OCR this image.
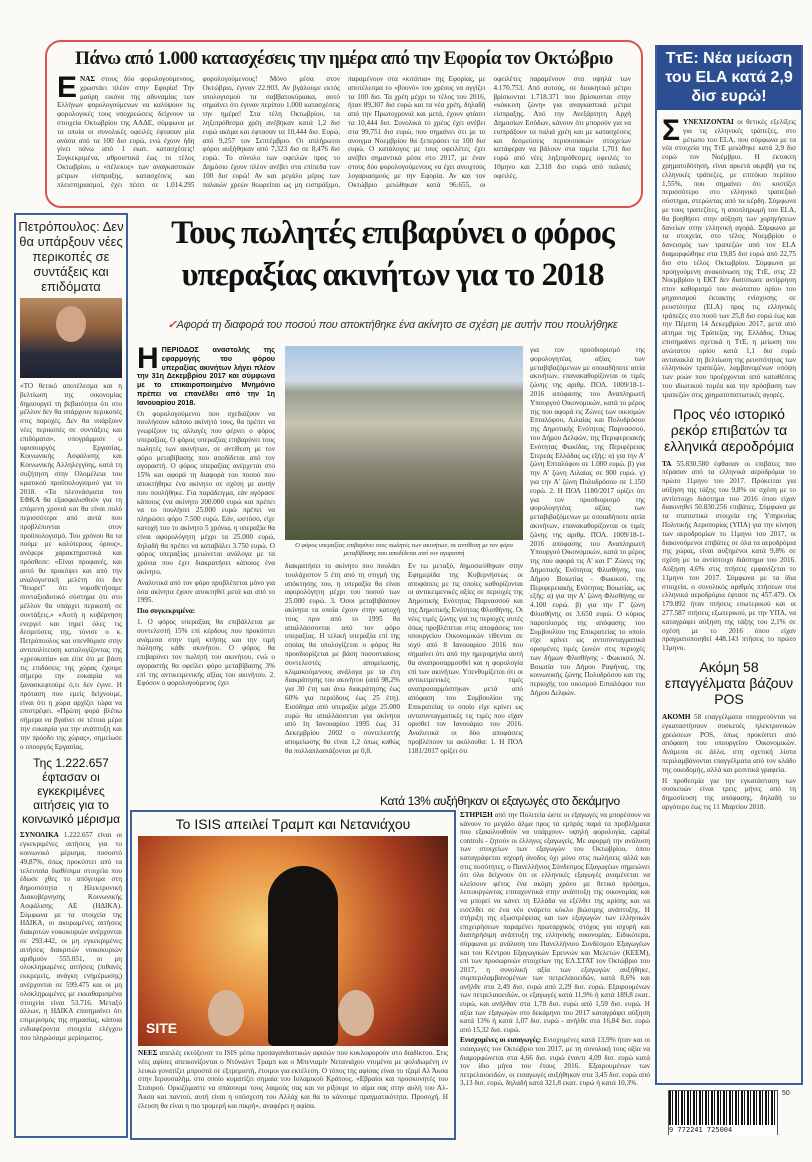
Πάνω από 1.000 κατασχέσεις την ημέρα από την Εφορία τον Οκτώβριο
ΕΝΑΣ στους δύο φορολογούμενους, χρωστάει πλέον στην Εφορία! Την μαύρη εικόνα της αδυναμίας των Ελλήνων φορολογούμενων να καλύψουν τις φορολογικές τους υποχρεώσεις δείχνουν τα στοιχεία Οκτωβρίου της ΑΑΔΕ, σύμφωνα με τα οποία οι συνολικές οφειλές έφτασαν μία ανάσα από τα 100 δισ ευρώ, ενώ έχουν ήδη γίνει πάνω από 1 εκατ. κατασχέσεις! Συγκεκριμένα, αθροιστικά έως το τέλος Οκτωβρίου, ο «πέλεκυς» των αναγκαστικών μέτρων είσπραξης, κατασχέσεις και πλειστηριασμοί, έχει πέσει σε 1.014.295 φορολογούμενους! Μόνο μέσα στον Οκτώβριο, έγιναν 22.903. Αν βγάλουμε εκτός υπολογισμού τα σαββατοκύριακα, αυτό σημαίνει ότι έγιναν περίπου 1.000 κατασχέσεις την ημέρα! Στα τέλη Οκτωβρίου, τα ληξιπρόθεσμα χρέη ανέβηκαν κατά 1,2 δισ ευρώ ακόμα και έφτασαν τα 10,444 δισ. Ευρώ, από 9,257 τον Σεπτέμβριο. Οι απλήρωτοι φόροι αυξήθηκαν από 7,323 δισ σε 8,476 δισ ευρώ. Το σύνολο των οφειλών προς το Δημόσιο έχουν πλέον ανέβει στα επίπεδα των 100 δισ ευρώ! Αν και μεγάλο μέρος των παλαιών χρεών θεωρείται ως μη εισπράξιμο, παραμένουν στα «κιτάπια» της Εφορίας, με αποτέλεσμα το «βουνό» του χρέους να αγγίζει τα 100 δισ. Τα χρέη μέχρι το τέλος του 2016, ήταν 89,307 δισ ευρώ και τα νέα χρέη, δηλαδή από την Πρωτοχρονιά και μετά, έχουν φτάσει τα 10,444 δισ. Συνολικά το χρέος έχει ανέβει στα 99,751 δισ ευρώ, που σημαίνει ότι με το ανοιγμα Νοεμβρίου θα ξεπεράσει τα 100 δισ ευρώ. Ο κατάλογος με τους οφειλέτες έχει ανέβει σημαντικά μέσα στο 2017, με έναν στους δύο φορολογούμενους να έχει ανοιχτούς λογαριασμούς με την Εφορία. Αν και τον Οκτώβριο μειώθηκαν κατά 96.655, οι οφειλέτες παραμένουν στα υψηλά των 4.170.753. Από αυτούς, σε διοικητικό μέτρο βρίσκονται 1.718.371 που βρίσκονται στην «κόκκινη ζώνη» για αναγκαστικά μέτρα είσπραξης. Από την Ανεξάρτητη Αρχή Δημοσίων Εσόδων, κάνουν ότι μπορούν για να εισπράξουν τα παλιά χρέη και με κατασχέσεις και δεσμεύσεις περιουσιακών στοιχείων κατάφεραν να βάλουν στα ταμεία 1,701 δισ ευρώ από νέες ληξιπρόθεσμες οφειλές το 10μηνο και 2,318 δισ ευρώ από παλαιές οφειλές.
Πετρόπουλος: Δεν θα υπάρξουν νέες περικοπές σε συντάξεις και επιδόματα
«ΤΟ θετικό αποτέλεσμα και η βελτίωση της οικονομίας δημιουργεί τη βεβαιότητα ότι στο μέλλον δεν θα υπάρχουν περικοπές στις παροχές. Δεν θα υπάρξουν νέες περικοπές σε συντάξεις και επιδόματα», υπογράμμισε ο υφυπουργός Εργασίας, Κοινωνικής Ασφάλισης και Κοινωνικής Αλληλεγγύης, κατά τη συζήτηση στην Ολομέλεια του κρατικού προϋπολογισμού για το 2018. «Τα πλεονάσματα του ΕΦΚΑ θα εξασφαλισθούν για τη επόμενη χρονιά και θα είναι πολύ περισσότερα από αυτά που προβλέπονται στον προϋπολογισμό. Του χρόνου θα τα πούμε με καλύτερους όρους», ανέφερε χαρακτηριστικά και πρόσθεσε: «Είναι προφανές, και αυτό θα προκύψει και από την αναλογιστική μελέτη ότι δεν "θεωρεί" ότι νομοθετήσαμε συνταξιοδοτικό σύστημα ότι στο μέλλον θα υπάρχει περικοπή σε συντάξεις.» «Αυτή η κυβέρνηση ενεργεί και τηρεί όλες τις δεσμεύσεις της, τόνισε ο κ. Πετρόπουλος και υπενθύμισε στην αντιπολίτευση καταλογίζοντας της «χρεοκοπία» και είπε ότι με βάση τις επιδόσεις της χώρας έχουμε σήμερα την ευκαιρία να ξανασκεφτούμε ό,τι δεν έγινε. Η πρόταση που εμείς δείχνουμε, είναι ότι η χώρα αρχίζει τώρα να επιστρέφει. «Πρώτη φορά βλέπω σήμερα να βγαίνει σε τέτοια μέρα την ευκαιρία για την ανάπτυξη και την πρόοδο της χώρας», σημείωσε ο υπουργός Εργασίας.
Της 1.222.657 έφτασαν οι εγκεκριμένες αιτήσεις για το κοινωνικό μέρισμα
ΣΥΝΟΛΙΚΑ 1.222.657 είναι οι εγκεκριμένες αιτήσεις για το κοινωνικό μέρισμα, ποσοστό 49,87%, όπως προκύπτει από τα τελευταία διαθέσιμα στοιχεία που έδωσε χθες το απόγευμα στη δημοσιότητα η Ηλεκτρονική Διακυβέρνησης Κοινωνικής Ασφάλισης ΑΕ (ΗΔΙΚΑ). Σύμφωνα με τα στοιχεία της ΗΔΙΚΑ, οι ακυρωμένες αιτήσεις διακριτών νοικοκυριών ανέρχονται σε 293.442, οι μη εγκεκριμένες αιτήσεις διακριτών νοικοκυριών αριθμούν 555.051, οι μη ολοκληρωμένες αιτήσεις (πιθανές εκκρεμείς, ανάγκη ενημέρωσης) ανέρχονται σε 599.475 και οι μη ολοκληρωμένες με εκκαθαρισμένα στοιχεία είναι 53.716. Μεταξύ άλλων, η ΗΔΙΚΑ επισημαίνει ότι επιμερισμός της σημασίας, κάποια ενδιαφέροντα στοιχεία ελέγχου που πληρώσαμε μερίσματος.
Τους πωλητές επιβαρύνει ο φόρος
υπεραξίας ακινήτων για το 2018
✓Αφορά τη διαφορά του ποσού που αποκτήθηκε ένα ακίνητο σε σχέση με αυτήν που πουλήθηκε

ΗΠΕΡΙΟΔΟΣ αναστολής της εφαρμογής του φόρου υπεραξίας ακινήτων λήγει πλέον την 31η Δεκεμβρίου 2017 και σύμφωνα με το επικαιροποιημένο Μνημόνιο πρέπει να επανέλθει από την 1η Ιανουαρίου 2018.

Οι φορολογούμενοι που σχεδιάζουν να πουλήσουν κάποιο ακίνητό τους, θα πρέπει να γνωρίζουν τις αλλαγές που φέρνει ο φόρος υπεραξίας. Ο φόρος υπεραξίας επιβαρύνει τους πωλητές των ακινήτων, σε αντίθεση με τον φόρο μεταβίβασης που αποδίδεται από τον αγοραστή. Ο φόρος υπεραξίας ανέρχεται στο 15% και αφορά τη διαφορά του ποσού που αποκτήθηκε ένα ακίνητο σε σχέση με αυτήν που πουλήθηκε. Για παράδειγμα, εάν αγόρασε κάποιος ένα ακίνητο 200.000 ευρώ και πρέπει να το πουλήσει 25.000 ευρώ πρέπει να πληρώσει φόρο 7.500 ευρώ. Εάν, ωστόσο, είχε κατοχή του το ακίνητο 5 χρόνια, η υπεραξία θα είναι αφορολόγητη μέχρι τα 25.000 ευρώ, δηλαδή θα πρέπει να καταβάλει 3.750 ευρώ. Ο φόρος υπεραξίας μειώνεται ανάλογα με τα χρόνια που έχει διακρατήσει κάποιος ένα ακίνητο.

Αναλυτικά από τον φόρο προβλέπεται μόνο για όσα ακίνητα έχουν αποκτηθεί μετά και από το 1995.

Πιο συγκεκριμένα:

1. Ο φόρος υπεραξίας θα επιβάλλεται με συντελεστή 15% επί κέρδους που προκύπτει ανάμεσα στην τιμή κτήσης και την τιμή πώλησης κάθε ακινήτου. Ο φόρος θα επιβαρύνει τον πωλητή του ακινήτου, ενώ ο αγοραστής θα οφείλει φόρο μεταβίβασης 3% επί της αντικειμενικής αξίας του ακινήτου. 2. Εφόσον ο φορολογούμενος έχει

Ο φόρος υπεραξίας επιβαρύνει τους πωλητές των ακινήτων, σε αντίθεση με τον φόρο μεταβίβασης που αποδίδεται από τον αγοραστή

διακρατήσει το ακίνητο που πουλάει τουλάχιστον 5 έτη από τη στιγμή της απόκτησης του, η υπεραξία θα είναι αφορολόγητη μέχρι του ποσού των 25.000 ευρώ. 3. Όσοι μεταβιβάσουν ακίνητα τα οποία έχουν στην κατοχή τους πριν από το 1995 θα απαλλάσσονται από τον φόρο υπεραξίας. Η τελική υπεραξία επί της οποίας θα υπολογίζεται ο φόρος θα προσδιορίζεται με βάση ποσοστιαίους συντελεστές απομείωσης, κλιμακούμενους ανάλογα με τα έτη διακράτησης του ακινήτου (από 98,2% για 30 έτη και άνω διακράτησης έως 60% για περιόδους έως 25 έτη). Εισόδημα από υπεραξία μέχρι 25.000 ευρώ θα απαλλάσσεται για ακίνητα από 1η Ιανουαρίου 1995 έως 31 Δεκεμβρίου 2002 ο συντελεστής απομείωσης θα είναι 1,2 όπως καθώς θα πολλαπλασιάζονται με 0,8.

Εν τω μεταξύ, δημοσιεύθηκαν στην Εφημερίδα της Κυβερνήσεως οι αποφάσεις με τις οποίες καθορίζονται οι αντικειμενικές αξίες σε περιοχές της Δημοτικής Ενότητας Παρνασσού και της Δημοτικής Ενότητας Φλισθήνης. Οι νέες τιμές ζώνης για τις περιοχές αυτές όπως προβλέπεται στις αποφάσεις του υπουργείου Οικονομικών τίθενται σε ισχύ από 8 Ιανουαρίου 2016 που σημαίνει ότι από την ημερομηνία αυτή θα αναπροσαρμοσθεί και η φορολογία επί των ακινήτων. Υπενθυμίζεται ότι οι αντικειμενικές τιμές αναπροσαρμόστηκαν μετά από απόφαση του Συμβουλίου της Επικρατείας το οποίο είχε κρίνει ως αντισυνταγματικές τις τιμές που είχαν ορισθεί τον Ιανουάριο του 2016. Αναλυτικά οι δύο αποφάσεις προβλέπουν τα ακόλουθα: 1. Η ΠΟΛ 1181/2017 ορίζει ότι

για τον προσδιορισμό της φορολογητέας αξίας των μεταβιβαζόμενων με οποιαδήποτε αιτία ακινήτων, επανακαθορίζονται οι τιμές ζώνης της αριθμ. ΠΟΛ. 1009/18-1-2016 απόφασης του Αναπληρωτή Υπουργού Οικονομικών, κατά το μέρος της που αφορά τις Ζώνες των οικισμών Επταλόφου, Λιλαίας και Πολυδρόσου της Δημοτικής Ενότητας Παρνασσού, του Δήμου Δελφών, της Περιφερειακής Ενότητας Φωκίδας, της Περιφέρειας Στερεάς Ελλάδας ως εξής: α) για την Α' ζώνη Επταλόφου σε 1.000 ευρώ. β) για την Α' ζώνη Λιλαίας σε 900 ευρώ. γ) για την Α' ζώνη Πολυδρόσου σε 1.150 ευρώ. 2. Η ΠΟΛ 1180/2017 ορίζει ότι για τον προσδιορισμό της φορολογητέας αξίας των μεταβιβαζόμενων με οποιαδήποτε αιτία ακινήτων, επανακαθορίζονται οι τιμές ζώνης της αριθμ. ΠΟΛ. 1009/18-1-2016 απόφασης του Αναπληρωτή Υπουργού Οικονομικών, κατά το μέρος της που αφορά τις Α' και Γ' Ζώνες της Δημοτικής Ενότητας Φλισθήνης, του Δήμου Βοιωτίας - Φωκικού, της Περιφερειακής Ενότητας Βοιωτίας, ως εξής: α) για την Α' ζώνη Φλισθήνης σε 4.100 ευρώ. β) για την Γ' ζώνη Φλισθήνης σε 3.650 ευρώ. Ο κύριος παροπλισμός της απόφασης του Συμβουλίου της Επικρατείας το οποίο είχε κρίνει ως αντισυνταγματικά ορισμένες τιμές ζωνών στις περιοχές των δήμων Φλισθήνης - Φωκικού, Ν. Βοιωτία του Δήμου Ραφήνας, της κοινωνικής ζώνης Πολυδρόσου και της περιοχής του οικισμού Επταλόφου του Δήμου Δελφών.
Το ISIS απειλεί Τραμπ και Νετανιάχου
SITE
ΝΕΕΣ απειλές εκτόξευσε το ISIS μέσω προπαγανδιστικών αφισών που κυκλοφορούν στο διαδίκτυο. Στις νέες αφίσες απεικονίζονται ο Ντόναλντ Τραμπ και ο Μπενιαμίν Νετανιάχου ντυμένοι με φολιδωμένη εν λευκώ γονατίζει μπροστά σε εξτρεμιστή, έτοιμοι για εκτέλεση. Ο τόπος της αφίσας είναι το τζαμί Αλ Άκσα στην Ιερουσαλήμ, στο οποίο κυματίζει σημαία του Ισλαμικού Κράτους. «Εβραίοι και προσκυνητές του Σταυρού. Ορκιζόμαστε να σπάσουμε τους λαιμούς σας και να ρίξουμε το αίμα σας στην αυλή του Αλ-Άκσα και παντού, αυτή είναι η υπόσχεση του Αλλάχ και θα το κάνουμε πραγματικότητα. Προσοχή. Η έλευση θα είναι η πιο τρομερή και πικρή», αναφέρει η αφίσα.
Κατά 13% αυξήθηκαν οι εξαγωγές στο δεκάμηνο

ΣΤΗΡΙΞΗ από την Πολιτεία ώστε οι εξαγωγές να μπορέσουν να κάνουν το μεγάλο άλμα προς τα εμπρός παρά τα προβλήματα που εξακολουθούν να υπάρχουν- υψηλή φορολογία, capital controls - ζητούν οι έλληνες εξαγωγείς. Με αφορμή την ανάλυση των στοιχείων των εξαγωγών του Οκτωβρίου, όπου καταγράφεται ισχυρή άνοδος όχι μόνο στις πωλήσεις αλλά και στις ποσότητες, ο Πανελλήνιος Σύνδεσμος Εξαγωγέων σημειώνει ότι όλα δείχνουν ότι οι ελληνικές εξαγωγές αναμένεται να κλείσουν φέτος ένα ακόμη χρόνο με θετικό πρόσημο, λειτουργώντας επιταχυντικά στην ανάπτυξη της οικονομίας και να μπορεί να κάνει τη Ελλάδα να εξέλθει της κρίσης και να εισέλθει σε ένα νέο ενάρετο κύκλο βιώσιμης ανάπτυξης. Η στήριξη της εξωστρέφειας και των εξαγωγών των ελληνικών επιχειρήσεων παραμένει πρωταρχικός στόχος για ισχυρή και διατηρήσιμη ανάπτυξη της ελληνικής οικονομίας. Ειδικότερα, σύμφωνα με ανάλυση του Πανελλήνιου Συνδέσμου Εξαγωγέων και του Κέντρου Εξαγωγικών Ερευνών και Μελετών (ΚΕΕΜ), επί των προσωρινών στοιχείων της ΕΛ.ΣΤΑΤ τον Οκτώβριο του 2017, η συνολική αξία των εξαγωγών αυξήθηκε, συμπεριλαμβανομένων των πετρελαιοειδών, κατά 8,6% και ανήλθε στα 2,49 δισ. ευρώ από 2,29 δισ. ευρώ. Εξαιρουμένων των πετρελαιοειδών, οι εξαγωγές κατά 11,9% ή κατά 189,8 εκατ. ευρώ, και ανήλθαν στα 1,78 δισ. ευρώ από 1,59 δισ. ευρώ. Η αξία των εξαγωγών στο δεκάμηνο του 2017 καταγράφει αύξηση κατά 13% ή κατά 1,07 δισ. ευρώ - ανήλθε στα 16,84 δισ. ευρώ από 15,32 δισ. ευρώ.

Ενισχυμένες οι εισαγωγές: Ενισχυμένες κατά 13,9% ήταν και οι εισαγωγές τον Οκτώβριο του 2017, με τη συνολική τους αξία να διαμορφώνεται στα 4,66 δισ. ευρώ έναντι 4,09 δισ. ευρώ κατά τον ίδιο μήνα του έτους 2016. Εξαιρουμένων των πετρελαιοειδών, οι εισαγωγές αυξήθηκαν στα 3,45 δισ. ευρώ από 3,13 δισ. ευρώ, δηλαδή κατά 321,8 εκατ. ευρώ ή κατά 10,3%.

ΤτΕ: Νέα μείωση του ELA κατά 2,9 δισ ευρώ!
ΣΥΝΕΧΙΖΟΝΤΑΙ οι θετικές εξελίξεις για τις ελληνικές τράπεζες, στο μέτωπο του ELA, που σύμφωνα με τα νέα στοιχεία της ΤτΕ μειώθηκε κατά 2,9 δισ ευρώ τον Νοέμβριο. Η έκτακτη χρηματοδότηση, είναι αρκετά ακριβή για τις ελληνικές τράπεζες, με επιτόκιο περίπου 1,55%, που σημαίνει ότι κοστίζει περισσότερο στο ελληνικό τραπεζικό σύστημα, στερώντας από τα κέρδη. Σύμφωνα με τους τραπεζίτες, η αποπληρωμή του ELA, θα βοηθήσει στην αύξηση των χορηγήσεων δανείων στην ελληνική αγορά. Σύμφωνα με τα στοιχεία, στο τέλος Νοεμβρίου ο δανεισμός των τραπεζών από τον ELA διαμορφώθηκε στα 19,85 δισ ευρώ από 22,75 δισ στο τέλος Οκτωβρίου. Σύμφωνα με προηγούμενη ανακοίνωση της ΤτΕ, στις 22 Νοεμβρίου η ΕΚΤ δεν διατύπωσε αντίρρηση στον καθορισμό του ανώτατου ορίου του μηχανισμού έκτακτης ενίσχυσης σε ρευστότητα (ELA) προς τις ελληνικές τράπεζες στο ποσό των 25,8 δισ ευρώ έως και την Πέμπτη 14 Δεκεμβρίου 2017, μετά από αίτημα της Τράπεζας της Ελλάδος. Όπως επισημαίνει σχετικά η ΤτΕ, η μείωση του ανώτατου ορίου κατά 1,1 δισ ευρώ αντανακλά τη βελτίωση της ρευστότητας των ελληνικών τραπεζών, λαμβανομένων υπόψη των ροών που προέρχονται από καταθέσεις του ιδιωτικού τομέα και την πρόσβαση των τραπεζών στις χρηματοπιστωτικές αγορές.
Προς νέο ιστορικό ρεκόρ επιβατών τα ελληνικά αεροδρόμια
ΤΑ 55.830.580 έφθασαν οι επιβάτες που πέρασαν από τα ελληνικά αεροδρόμια το πρώτο 11μηνο του 2017. Πρόκειται για αύξηση της τάξης του 9,8% σε σχέση με το αντίστοιχο διάστημα του 2016 όπου είχαν διακινηθεί 50.830.256 επιβάτες. Σύμφωνα με τα στατιστικά στοιχεία της Υπηρεσίας Πολιτικής Αεροπορίας (ΥΠΑ) για την κίνηση των αεροδρομίων το 11μηνο του 2017, οι διακινούμενοι επιβάτες σε όλα τα αεροδρόμια της χώρας, είναι αυξημένοι κατά 9,8% σε σχέση με το αντίστοιχο διάστημα του 2016. Αύξηση 4,6% στις πτήσεις εμφανίζεται το 11μηνο του 2017. Σύμφωνα με τα ίδια στοιχεία, ο συνολικός αριθμός πτήσεων στα ελληνικά αεροδρόμια έφτασε τις 457.479. Οι 179.892 ήταν πτήσεις εσωτερικού και οι 277.587 πτήσεις εξωτερικού, με την ΥΠΑ, να καταγράφει αύξηση της τάξης του 2,1% σε σχέση με το 2016 όπου είχαν πραγματοποιηθεί 448.143 πτήσεις το πρώτο 11μηνο.
Ακόμη 58 επαγγέλματα βάζουν POS

ΑΚΟΜΗ 58 επαγγέλματα υποχρεούνται να εγκαταστήσουν συσκευές ηλεκτρονικών χρεώσεων POS, όπως προκύπτει από απόφαση του υπουργείου Οικονομικών. Ανάμεσα σε άλλα, στη σχετική λίστα περιλαμβάνονται επαγγέλματα από τον κλάδο της οικοδομής, αλλά και μεσιτικά γραφεία.

Η προθεσμία για την εγκατάσταση των συσκευών είναι τρεις μήνες από τη δημοσίευση της απόφασης, δηλαδή το αργότερο έως τις 11 Μαρτίου 2018.

9 772241 725004
50
